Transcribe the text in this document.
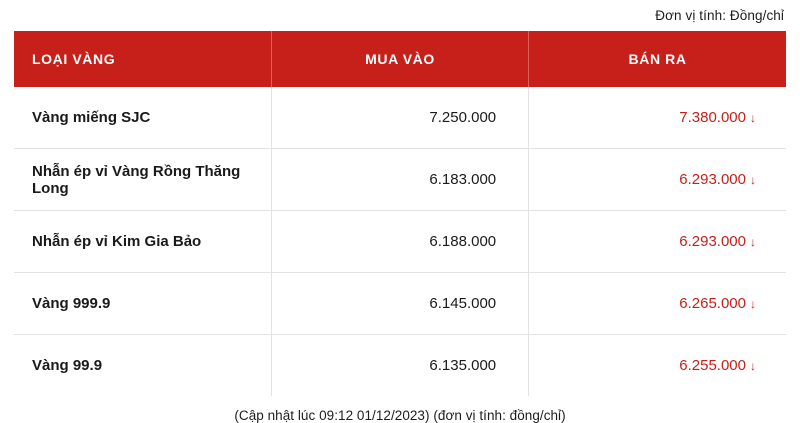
Đơn vị tính: Đồng/chỉ
LOẠI VÀNG	MUA VÀO	BÁN RA
Vàng miếng SJC	7.250.000	7.380.000 ↓
Nhẫn ép vỉ Vàng Rồng Thăng Long	6.183.000	6.293.000 ↓
Nhẫn ép vỉ Kim Gia Bảo	6.188.000	6.293.000 ↓
Vàng 999.9	6.145.000	6.265.000 ↓
Vàng 99.9	6.135.000	6.255.000 ↓
(Cập nhật lúc 09:12 01/12/2023) (đơn vị tính: đồng/chỉ)
